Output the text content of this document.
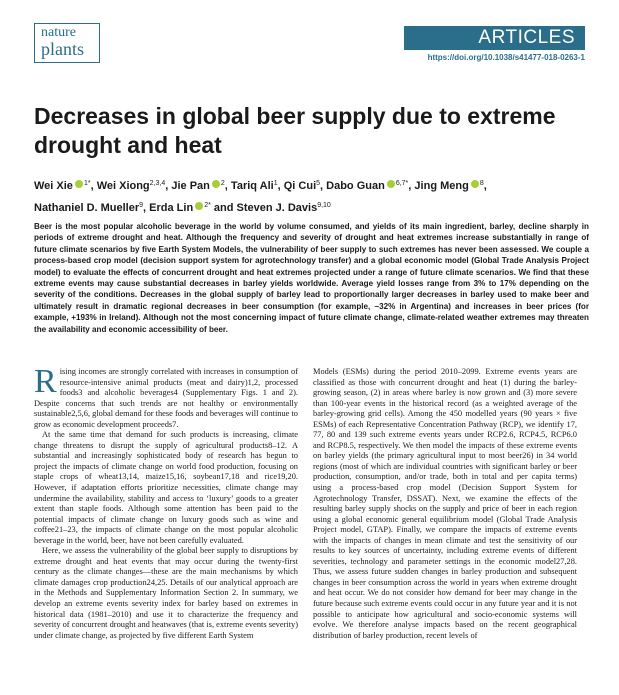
nature
plants
ARTICLES
https://doi.org/10.1038/s41477-018-0263-1
Decreases in global beer supply due to extreme drought and heat
Wei Xie $^{1*}$, Wei Xiong$^{2,3,4}$, Jie Pan $^2$, Tariq Ali$^1$, Qi Cui$^5$, Dabo Guan $^{6,7*}$, Jing Meng $^8$,
Nathaniel D. Mueller$^9$, Erda Lin $^{2*}$ and Steven J. Davis$^{9,10}$

Beer is the most popular alcoholic beverage in the world by volume consumed, and yields of its main ingredient, barley, decline sharply in periods of extreme drought and heat. Although the frequency and severity of drought and heat extremes increase substantially in range of future climate scenarios by five Earth System Models, the vulnerability of beer supply to such extremes has never been assessed. We couple a process-based crop model (decision support system for agrotechnology transfer) and a global economic model (Global Trade Analysis Project model) to evaluate the effects of concurrent drought and heat extremes projected under a range of future climate scenarios. We find that these extreme events may cause substantial decreases in barley yields worldwide. Average yield losses range from 3% to 17% depending on the severity of the conditions. Decreases in the global supply of barley lead to proportionally larger decreases in barley used to make beer and ultimately result in dramatic regional decreases in beer consumption (for example, −32% in Argentina) and increases in beer prices (for example, +193% in Ireland). Although not the most concerning impact of future climate change, climate-related weather extremes may threaten the availability and economic accessibility of beer.

Rising incomes are strongly correlated with increases in consumption of resource-intensive animal products (meat and dairy)1,2, processed foods3 and alcoholic beverages4 (Supplementary Figs. 1 and 2). Despite concerns that such trends are not healthy or environmentally sustainable2,5,6, global demand for these foods and beverages will continue to grow as economic development proceeds7.

At the same time that demand for such products is increasing, climate change threatens to disrupt the supply of agricultural products8–12. A substantial and increasingly sophisticated body of research has begun to project the impacts of climate change on world food production, focusing on staple crops of wheat13,14, maize15,16, soybean17,18 and rice19,20. However, if adaptation efforts prioritize necessities, climate change may undermine the availability, stability and access to ‘luxury’ goods to a greater extent than staple foods. Although some attention has been paid to the potential impacts of climate change on luxury goods such as wine and coffee21–23, the impacts of climate change on the most popular alcoholic beverage in the world, beer, have not been carefully evaluated.

Here, we assess the vulnerability of the global beer supply to disruptions by extreme drought and heat events that may occur during the twenty-first century as the climate changes—these are the main mechanisms by which climate damages crop production24,25. Details of our analytical approach are in the Methods and Supplementary Information Section 2. In summary, we develop an extreme events severity index for barley based on extremes in historical data (1981–2010) and use it to characterize the frequency and severity of concurrent drought and heatwaves (that is, extreme events severity) under climate change, as projected by five different Earth System

Models (ESMs) during the period 2010–2099. Extreme events years are classified as those with concurrent drought and heat (1) during the barley-growing season, (2) in areas where barley is now grown and (3) more severe than 100-year events in the historical record (as a weighted average of the barley-growing grid cells). Among the 450 modelled years (90 years × five ESMs) of each Representative Concentration Pathway (RCP), we identify 17, 77, 80 and 139 such extreme events years under RCP2.6, RCP4.5, RCP6.0 and RCP8.5, respectively. We then model the impacts of these extreme events on barley yields (the primary agricultural input to most beer26) in 34 world regions (most of which are individual countries with significant barley or beer production, consumption, and/or trade, both in total and per capita terms) using a process-based crop model (Decision Support System for Agrotechnology Transfer, DSSAT). Next, we examine the effects of the resulting barley supply shocks on the supply and price of beer in each region using a global economic general equilibrium model (Global Trade Analysis Project model, GTAP). Finally, we compare the impacts of extreme events with the impacts of changes in mean climate and test the sensitivity of our results to key sources of uncertainty, including extreme events of different severities, technology and parameter settings in the economic model27,28. Thus, we assess future sudden changes in barley production and subsequent changes in beer consumption across the world in years when extreme drought and heat occur. We do not consider how demand for beer may change in the future because such extreme events could occur in any future year and it is not possible to anticipate how agricultural and socio-economic systems will evolve. We therefore analyse impacts based on the recent geographical distribution of barley production, recent levels of
